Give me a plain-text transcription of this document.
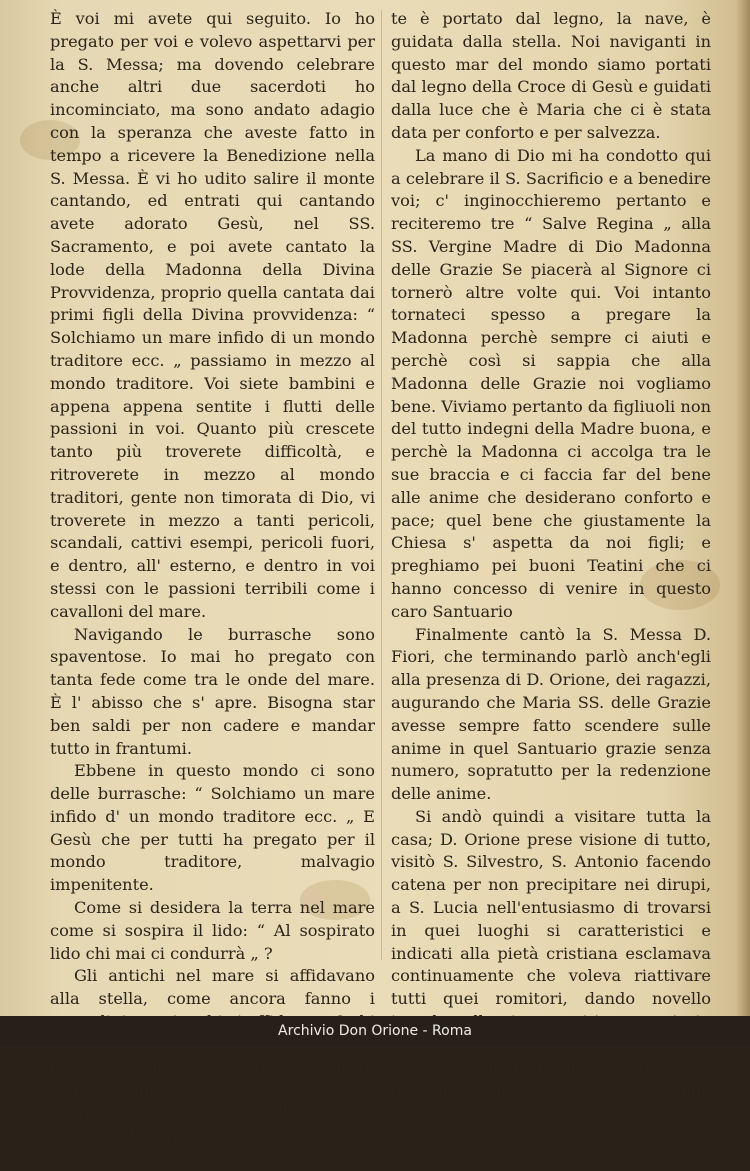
È voi mi avete qui seguito. Io ho pregato per voi e volevo aspettarvi per la S. Messa; ma dovendo celebrare anche altri due sacerdoti ho incominciato, ma sono andato adagio con la speranza che aveste fatto in tempo a ricevere la Benedizione nella S. Messa. È vi ho udito salire il monte cantando, ed entrati qui cantando avete adorato Gesù, nel SS. Sacramento, e poi avete cantato la lode della Madonna della Divina Provvidenza, proprio quella cantata dai primi figli della Divina provvidenza: “ Solchiamo un mare infido di un mondo traditore ecc. „ passiamo in mezzo al mondo traditore. Voi siete bambini e appena appena sentite i flutti delle passioni in voi. Quanto più crescete tanto più troverete difficoltà, e ritroverete in mezzo al mondo traditori, gente non timorata di Dio, vi troverete in mezzo a tanti pericoli, scandali, cattivi esempi, pericoli fuori, e dentro, all' esterno, e dentro in voi stessi con le passioni terribili come i cavalloni del mare.

Navigando le burrasche sono spaventose. Io mai ho pregato con tanta fede come tra le onde del mare. È l' abisso che s' apre. Bisogna star ben saldi per non cadere e mandar tutto in frantumi.

Ebbene in questo mondo ci sono delle burrasche: “ Solchiamo un mare infido d' un mondo traditore ecc. „ E Gesù che per tutti ha pregato per il mondo traditore, malvagio impenitente.

Come si desidera la terra nel mare come si sospira il lido: “ Al sospirato lido chi mai ci condurrà „ ?

Gli antichi nel mare si affidavano alla stella, come ancora fanno i terra promessa, alla celeste Gerusalemme?

Maria..... Maria è la stella maris la stella„ che guida il navigante. Il navigan-

te è portato dal legno, la nave, è guidata dalla stella. Noi naviganti in questo mar del mondo siamo portati dal legno della Croce di Gesù e guidati dalla luce che è Maria che ci è stata data per conforto e per salvezza.

La mano di Dio mi ha condotto qui a celebrare il S. Sacrificio e a benedire voi; c' inginocchieremo pertanto e reciteremo tre “ Salve Regina „ alla SS. Vergine Madre di Dio Madonna delle Grazie Se piacerà al Signore ci tornerò altre volte qui. Voi intanto tornateci spesso a pregare la Madonna perchè sempre ci aiuti e perchè così si sappia che alla Madonna delle Grazie noi vogliamo bene. Viviamo pertanto da figliuoli non del tutto indegni della Madre buona, e perchè la Madonna ci accolga tra le sue braccia e ci faccia far del bene alle anime che desiderano conforto e pace; quel bene che giustamente la Chiesa s' aspetta da noi figli; e preghiamo pei buoni Teatini che ci hanno concesso di venire in questo caro Santuario

Finalmente cantò la S. Messa D. Fiori, che terminando parlò anch'egli alla presenza di D. Orione, dei ragazzi, augurando che Maria SS. delle Grazie avesse sempre fatto scendere sulle anime in quel Santuario grazie senza numero, sopratutto per la redenzione delle anime.

Si andò quindi a visitare tutta la casa; D. Orione prese visione di tutto, visitò S. Silvestro, S. Antonio facendo catena per non precipitare nei dirupi, a S. Lucia nell'entusiasmo di trovarsi in quei luoghi si caratteristici e indicati alla pietà cristiana esclamava continuamente che voleva riattivare tutti quei romitori, dando novello

Ad ora inoltrata si scese in paese dove il popolo attendeva l'amatissimo D.

Archivio Don Orione - Roma
